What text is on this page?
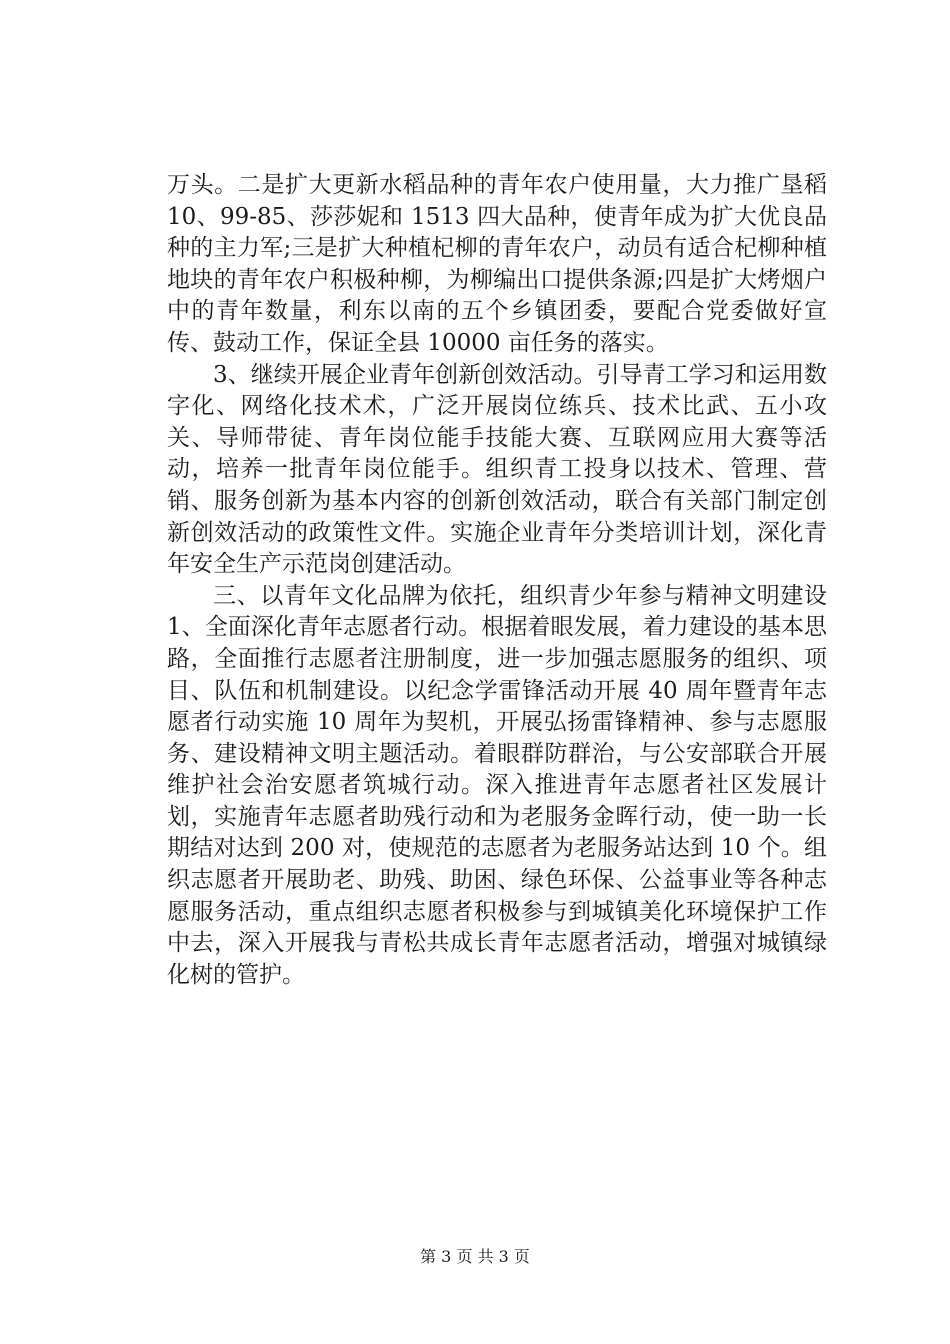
万头。二是扩大更新水稻品种的青年农户使用量，大力推广垦稻 10、99-85、莎莎妮和 1513 四大品种，使青年成为扩大优良品种的主力军;三是扩大种植杞柳的青年农户，动员有适合杞柳种植地块的青年农户积极种柳，为柳编出口提供条源;四是扩大烤烟户中的青年数量，利东以南的五个乡镇团委，要配合党委做好宣传、鼓动工作，保证全县 10000 亩任务的落实。

3、继续开展企业青年创新创效活动。引导青工学习和运用数字化、网络化技术术，广泛开展岗位练兵、技术比武、五小攻关、导师带徒、青年岗位能手技能大赛、互联网应用大赛等活动，培养一批青年岗位能手。组织青工投身以技术、管理、营销、服务创新为基本内容的创新创效活动，联合有关部门制定创新创效活动的政策性文件。实施企业青年分类培训计划，深化青年安全生产示范岗创建活动。

三、以青年文化品牌为依托，组织青少年参与精神文明建设 1、全面深化青年志愿者行动。根据着眼发展，着力建设的基本思路，全面推行志愿者注册制度，进一步加强志愿服务的组织、项目、队伍和机制建设。以纪念学雷锋活动开展 40 周年暨青年志愿者行动实施 10 周年为契机，开展弘扬雷锋精神、参与志愿服务、建设精神文明主题活动。着眼群防群治，与公安部联合开展维护社会治安愿者筑城行动。深入推进青年志愿者社区发展计划，实施青年志愿者助残行动和为老服务金晖行动，使一助一长期结对达到 200 对，使规范的志愿者为老服务站达到 10 个。组织志愿者开展助老、助残、助困、绿色环保、公益事业等各种志愿服务活动，重点组织志愿者积极参与到城镇美化环境保护工作中去，深入开展我与青松共成长青年志愿者活动，增强对城镇绿化树的管护。

第 3 页 共 3 页
